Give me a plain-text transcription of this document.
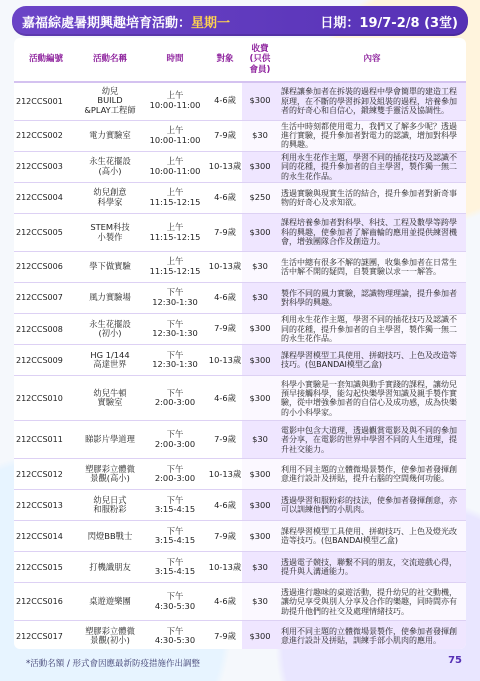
嘉福綜處暑期興趣培育活動：星期一	日期：19/7-2/8 (3堂)
活動編號	活動名稱	時間	對象	收費
(只供
會員)	內容
212CCS001	幼兒
BUILD
&PLAY工程師	上午
10:00-11:00	4-6歲	$300	課程讓參加者在拆裝的過程中學會簡單的建造工程原理，在不斷的學習拆卸及組裝的過程，培養參加者的好奇心和自信心，鍛練雙手靈活及協調性。
212CCS002	電力實驗室	上午
10:00-11:00	7-9歲	$30	生活中時刻都使用電力，我們又了解多少呢？透過進行實驗，提升參加者對電力的認識，增加對科學的興趣。
212CCS003	永生花擺設
(高小)	上午
10:00-11:00	10-13歲	$300	利用永生花作主題，學習不同的插花技巧及認識不同的花種，提升參加者的自主學習，製作獨一無二的永生花作品。
212CCS004	幼兒創意
科學家	上午
11:15-12:15	4-6歲	$250	透過實驗與現實生活的結合，提升參加者對新奇事物的好奇心及求知欲。
212CCS005	STEM科技
小製作	上午
11:15-12:15	7-9歲	$300	課程培養參加者對科學、科技、工程及數學等跨學科的興趣，使參加者了解齒輪的應用並提供練習機會，增強團隊合作及創造力。
212CCS006	學下做實驗	上午
11:15-12:15	10-13歲	$30	生活中總有很多不解的謎團，收集參加者在日常生活中解不開的疑問，自製實驗以求一一解答。
212CCS007	風力實驗場	下午
12:30-1:30	4-6歲	$30	製作不同的風力實驗，認識物理理論，提升參加者對科學的興趣。
212CCS008	永生花擺設
(初小)	下午
12:30-1:30	7-9歲	$300	利用永生花作主題，學習不同的插花技巧及認識不同的花種，提升參加者的自主學習，製作獨一無二的永生花作品。
212CCS009	HG 1/144
高達世界	下午
12:30-1:30	10-13歲	$300	課程學習模型工具使用、拼砌技巧、上色及改造等技巧。(包BANDAI模型乙盒)
212CCS010	幼兒牛頓
實驗室	下午
2:00-3:00	4-6歲	$300	科學小實驗是一套知識與動手實踐的課程，讓幼兒預早接觸科學，能勾起快樂學習知識及親手製作實驗，從中增強參加者的自信心及成功感，成為快樂的小小科學家。
212CCS011	睇影片學道理	下午
2:00-3:00	7-9歲	$30	電影中包含大道理，透過觀賞電影及與不同的參加者分享，在電影的世界中學習不同的人生道理，提升社交能力。
212CCS012	塑膠彩立體微
景觀(高小)	下午
2:00-3:00	10-13歲	$300	利用不同主題的立體微場景製作，使參加者發揮創意進行設計及拼貼，提升右腦的空間幾何功能。
212CCS013	幼兒日式
和服粉彩	下午
3:15-4:15	4-6歲	$300	透過學習和服粉彩的技法，使參加者發揮創意，亦可以訓練他們的小肌肉。
212CCS014	閃燈BB戰士	下午
3:15-4:15	7-9歲	$300	課程學習模型工具使用、拼砌技巧、上色及燈光改造等技巧。(包BANDAI模型乙盒)
212CCS015	打機識朋友	下午
3:15-4:15	10-13歲	$30	透過電子競技，聯繫不同的朋友，交流遊戲心得，提升與人溝通能力。
212CCS016	桌遊遊樂團	下午
4:30-5:30	4-6歲	$30	透過進行趣味的桌遊活動，提升幼兒的社交動機，讓幼兒享受與別人分享及合作的樂趣，同時間亦有助提升他們的社交及處理情緒技巧。
212CCS017	塑膠彩立體微
景觀(初小)	下午
4:30-5:30	7-9歲	$300	利用不同主題的立體微場景製作，使參加者發揮創意進行設計及拼貼，訓練手部小肌肉的應用。

*活動名額 / 形式會因應最新防疫措施作出調整	75
